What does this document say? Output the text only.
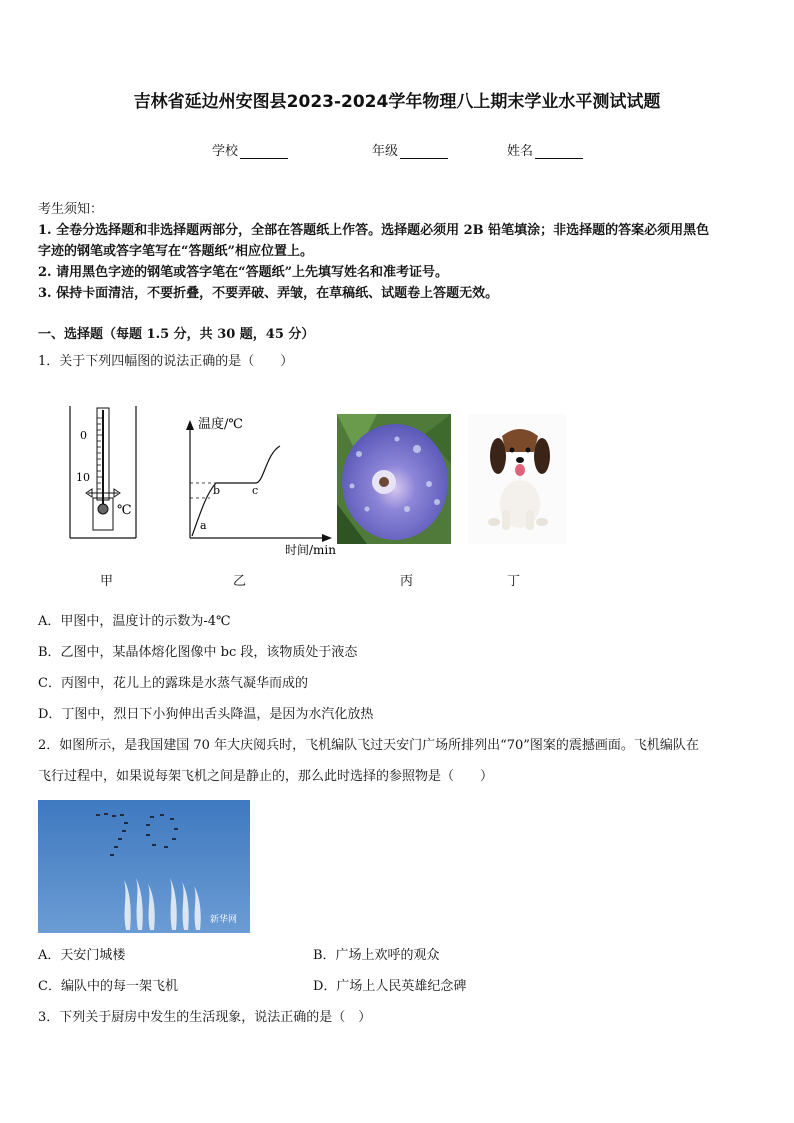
吉林省延边州安图县2023-2024学年物理八上期末学业水平测试试题
学校	年级	姓名
考生须知：
1. 全卷分选择题和非选择题两部分，全部在答题纸上作答。选择题必须用 2B 铅笔填涂；非选择题的答案必须用黑色
字迹的钢笔或答字笔写在“答题纸”相应位置上。
2. 请用黑色字迹的钢笔或答字笔在“答题纸”上先填写姓名和准考证号。
3. 保持卡面清洁，不要折叠，不要弄破、弄皱，在草稿纸、试题卷上答题无效。
一、选择题（每题 1.5 分，共 30 题，45 分）
1．关于下列四幅图的说法正确的是（　　）
0
10
℃
甲
温度/℃
时间/min
a
b	c
乙	丙	丁
A．甲图中，温度计的示数为-4℃
B．乙图中，某晶体熔化图像中 bc 段，该物质处于液态
C．丙图中，花儿上的露珠是水蒸气凝华而成的
D．丁图中，烈日下小狗伸出舌头降温，是因为水汽化放热
2．如图所示，是我国建国 70 年大庆阅兵时，飞机编队飞过天安门广场所排列出“70”图案的震撼画面。飞机编队在
飞行过程中，如果说每架飞机之间是静止的，那么此时选择的参照物是（　　）
新华网
A．天安门城楼	B．广场上欢呼的观众
C．编队中的每一架飞机	D．广场上人民英雄纪念碑
3．下列关于厨房中发生的生活现象，说法正确的是（　）
